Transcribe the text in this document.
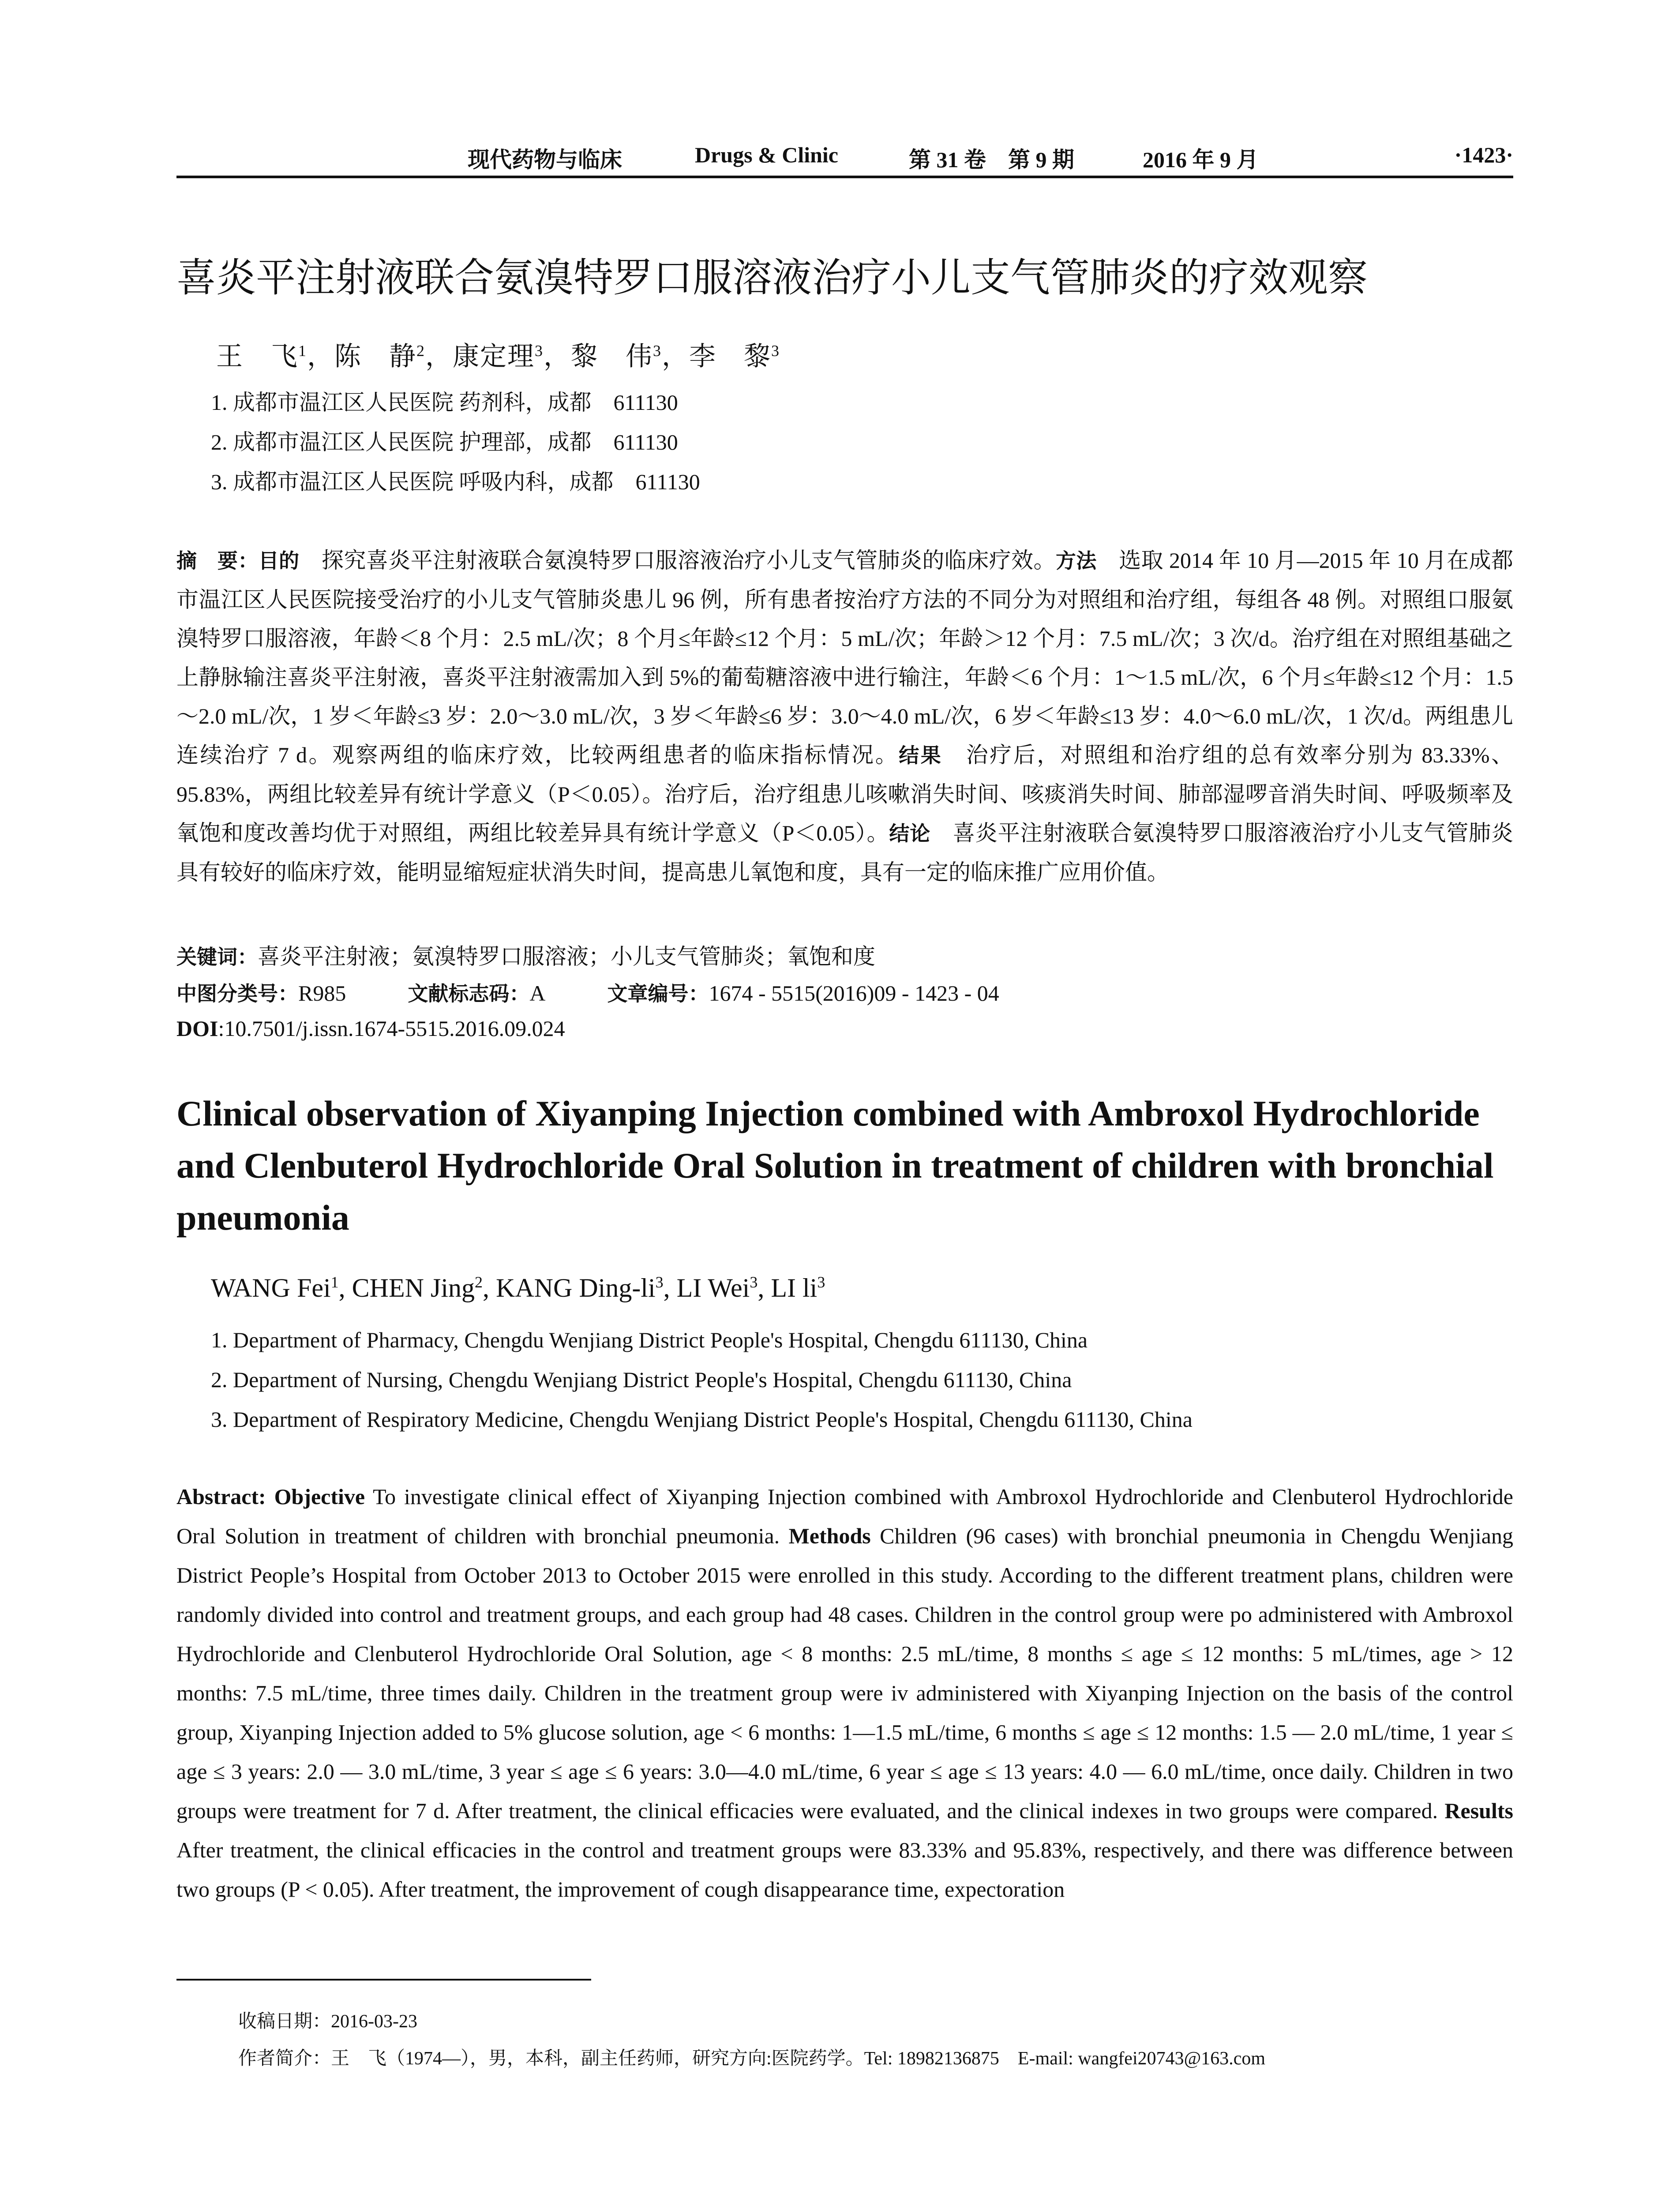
现代药物与临床	Drugs & Clinic	第 31 卷　第 9 期	2016 年 9 月	·1423·
喜炎平注射液联合氨溴特罗口服溶液治疗小儿支气管肺炎的疗效观察
王　飞$^1$，陈　静$^2$，康定理$^3$，黎　伟$^3$，李　黎$^3$
1. 成都市温江区人民医院 药剂科，成都　611130
2. 成都市温江区人民医院 护理部，成都　611130
3. 成都市温江区人民医院 呼吸内科，成都　611130
摘　要：目的　探究喜炎平注射液联合氨溴特罗口服溶液治疗小儿支气管肺炎的临床疗效。方法　选取 2014 年 10 月—2015 年 10 月在成都市温江区人民医院接受治疗的小儿支气管肺炎患儿 96 例，所有患者按治疗方法的不同分为对照组和治疗组，每组各 48 例。对照组口服氨溴特罗口服溶液，年龄＜8 个月：2.5 mL/次；8 个月≤年龄≤12 个月：5 mL/次；年龄＞12 个月：7.5 mL/次；3 次/d。治疗组在对照组基础之上静脉输注喜炎平注射液，喜炎平注射液需加入到 5%的葡萄糖溶液中进行输注，年龄＜6 个月：1～1.5 mL/次，6 个月≤年龄≤12 个月：1.5～2.0 mL/次，1 岁＜年龄≤3 岁：2.0～3.0 mL/次，3 岁＜年龄≤6 岁：3.0～4.0 mL/次，6 岁＜年龄≤13 岁：4.0～6.0 mL/次，1 次/d。两组患儿连续治疗 7 d。观察两组的临床疗效，比较两组患者的临床指标情况。结果　治疗后，对照组和治疗组的总有效率分别为 83.33%、95.83%，两组比较差异有统计学意义（P＜0.05）。治疗后，治疗组患儿咳嗽消失时间、咳痰消失时间、肺部湿啰音消失时间、呼吸频率及氧饱和度改善均优于对照组，两组比较差异具有统计学意义（P＜0.05）。结论　喜炎平注射液联合氨溴特罗口服溶液治疗小儿支气管肺炎具有较好的临床疗效，能明显缩短症状消失时间，提高患儿氧饱和度，具有一定的临床推广应用价值。
关键词：喜炎平注射液；氨溴特罗口服溶液；小儿支气管肺炎；氧饱和度
中图分类号：R985	文献标志码：A	文章编号：1674 - 5515(2016)09 - 1423 - 04
DOI:10.7501/j.issn.1674-5515.2016.09.024
Clinical observation of Xiyanping Injection combined with Ambroxol Hydrochloride and Clenbuterol Hydrochloride Oral Solution in treatment of children with bronchial pneumonia
WANG Fei$^1$, CHEN Jing$^2$, KANG Ding-$li^3$, LI Wei$^3$, LI $li^3$
1. Department of Pharmacy, Chengdu Wenjiang District People's Hospital, Chengdu 611130, China
2. Department of Nursing, Chengdu Wenjiang District People's Hospital, Chengdu 611130, China
3. Department of Respiratory Medicine, Chengdu Wenjiang District People's Hospital, Chengdu 611130, China
Abstract: Objective To investigate clinical effect of Xiyanping Injection combined with Ambroxol Hydrochloride and Clenbuterol Hydrochloride Oral Solution in treatment of children with bronchial pneumonia. Methods Children (96 cases) with bronchial pneumonia in Chengdu Wenjiang District People’s Hospital from October 2013 to October 2015 were enrolled in this study. According to the different treatment plans, children were randomly divided into control and treatment groups, and each group had 48 cases. Children in the control group were po administered with Ambroxol Hydrochloride and Clenbuterol Hydrochloride Oral Solution, age < 8 months: 2.5 mL/time, 8 months ≤ age ≤ 12 months: 5 mL/times, age > 12 months: 7.5 mL/time, three times daily. Children in the treatment group were iv administered with Xiyanping Injection on the basis of the control group, Xiyanping Injection added to 5% glucose solution, age < 6 months: 1—1.5 mL/time, 6 months ≤ age ≤ 12 months: 1.5 — 2.0 mL/time, 1 year ≤ age ≤ 3 years: 2.0 — 3.0 mL/time, 3 year ≤ age ≤ 6 years: 3.0—4.0 mL/time, 6 year ≤ age ≤ 13 years: 4.0 — 6.0 mL/time, once daily. Children in two groups were treatment for 7 d. After treatment, the clinical efficacies were evaluated, and the clinical indexes in two groups were compared. Results After treatment, the clinical efficacies in the control and treatment groups were 83.33% and 95.83%, respectively, and there was difference between two groups (P < 0.05). After treatment, the improvement of cough disappearance time, expectoration
收稿日期：2016-03-23
作者简介：王　飞（1974—），男，本科，副主任药师，研究方向:医院药学。Tel: 18982136875　E-mail: wangfei20743@163.com
